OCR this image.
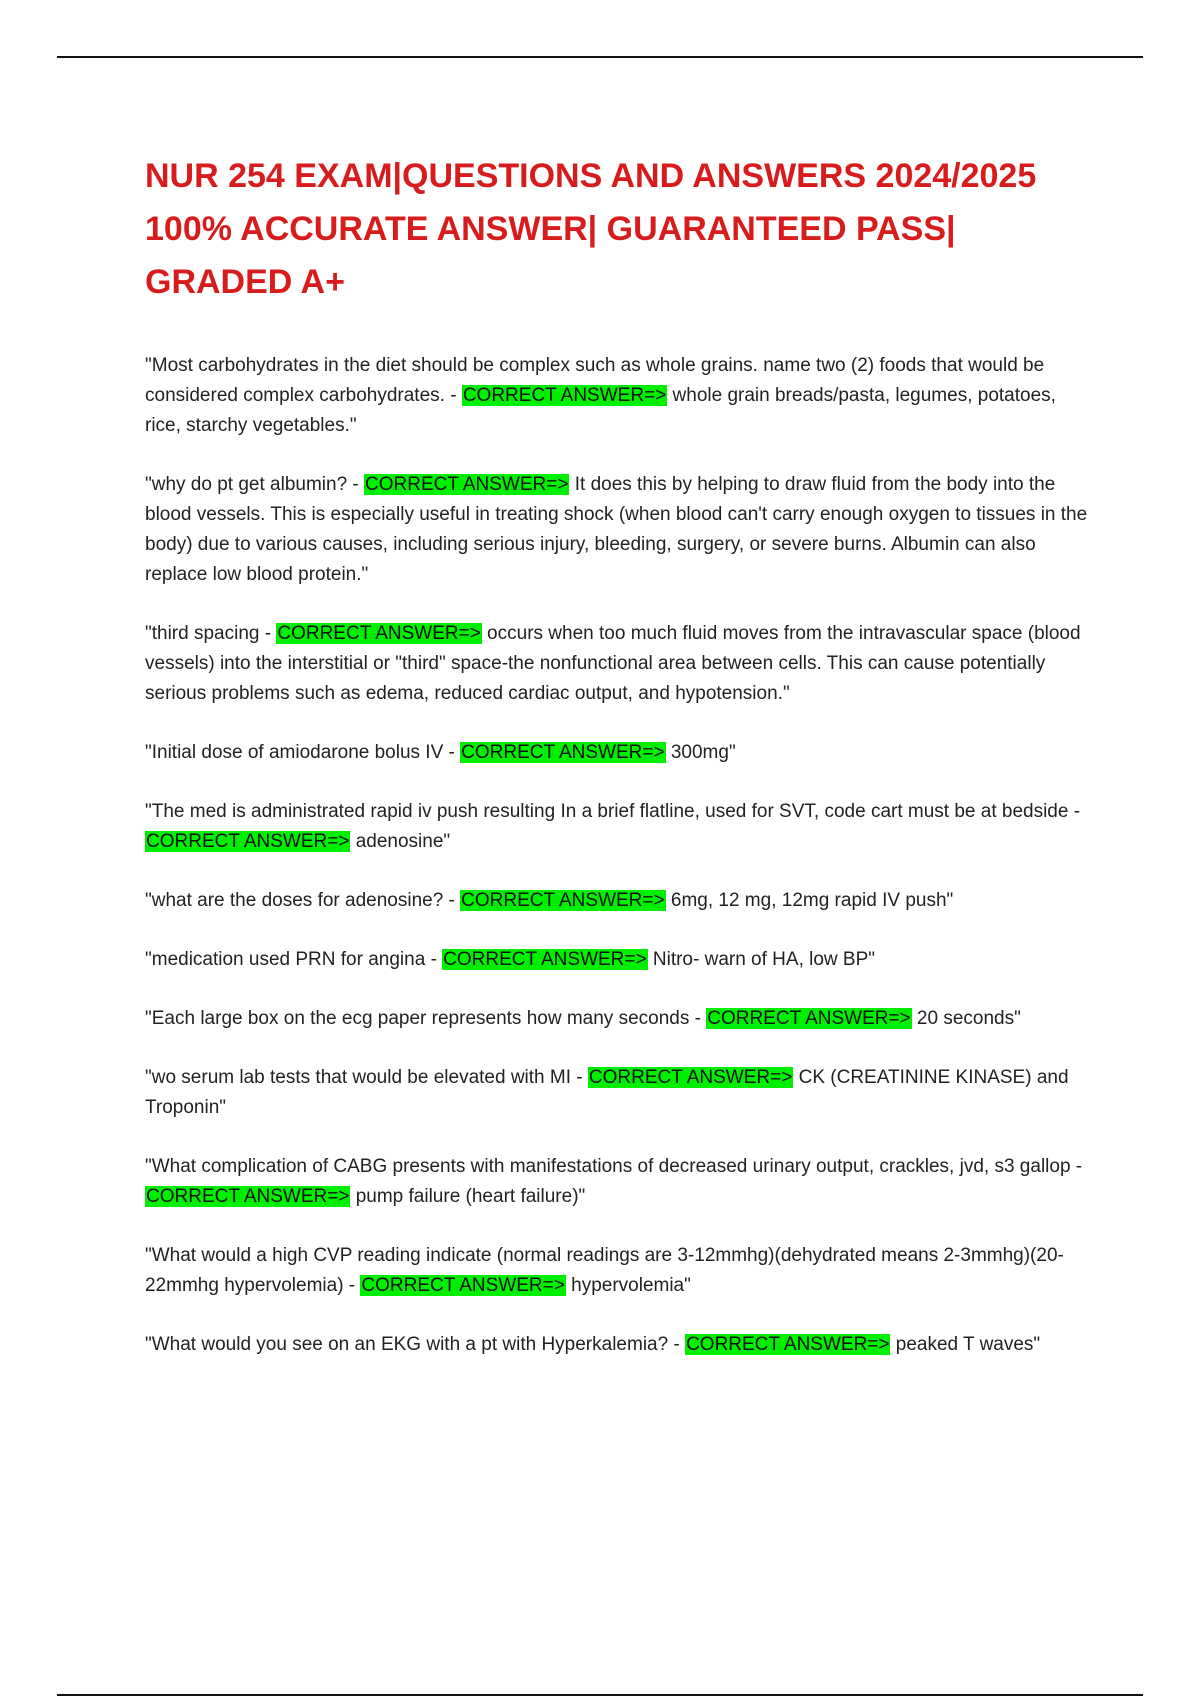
NUR 254 EXAM|QUESTIONS AND ANSWERS 2024/2025
100% ACCURATE ANSWER| GUARANTEED PASS|
GRADED A+

"Most carbohydrates in the diet should be complex such as whole grains. name two (2) foods that would be considered complex carbohydrates. - CORRECT ANSWER=> whole grain breads/pasta, legumes, potatoes, rice, starchy vegetables."

"why do pt get albumin? - CORRECT ANSWER=> It does this by helping to draw fluid from the body into the blood vessels. This is especially useful in treating shock (when blood can't carry enough oxygen to tissues in the body) due to various causes, including serious injury, bleeding, surgery, or severe burns. Albumin can also replace low blood protein."

"third spacing - CORRECT ANSWER=> occurs when too much fluid moves from the intravascular space (blood vessels) into the interstitial or "third" space-the nonfunctional area between cells. This can cause potentially serious problems such as edema, reduced cardiac output, and hypotension."

"Initial dose of amiodarone bolus IV - CORRECT ANSWER=> 300mg"

"The med is administrated rapid iv push resulting In a brief flatline, used for SVT, code cart must be at bedside - CORRECT ANSWER=> adenosine"

"what are the doses for adenosine? - CORRECT ANSWER=> 6mg, 12 mg, 12mg rapid IV push"

"medication used PRN for angina - CORRECT ANSWER=> Nitro- warn of HA, low BP"

"Each large box on the ecg paper represents how many seconds - CORRECT ANSWER=> 20 seconds"

"wo serum lab tests that would be elevated with MI - CORRECT ANSWER=> CK (CREATININE KINASE) and Troponin"

"What complication of CABG presents with manifestations of decreased urinary output, crackles, jvd, s3 gallop - CORRECT ANSWER=> pump failure (heart failure)"

"What would a high CVP reading indicate (normal readings are 3-12mmhg)(dehydrated means 2-3mmhg)(20-22mmhg hypervolemia) - CORRECT ANSWER=> hypervolemia"

"What would you see on an EKG with a pt with Hyperkalemia? - CORRECT ANSWER=> peaked T waves"
